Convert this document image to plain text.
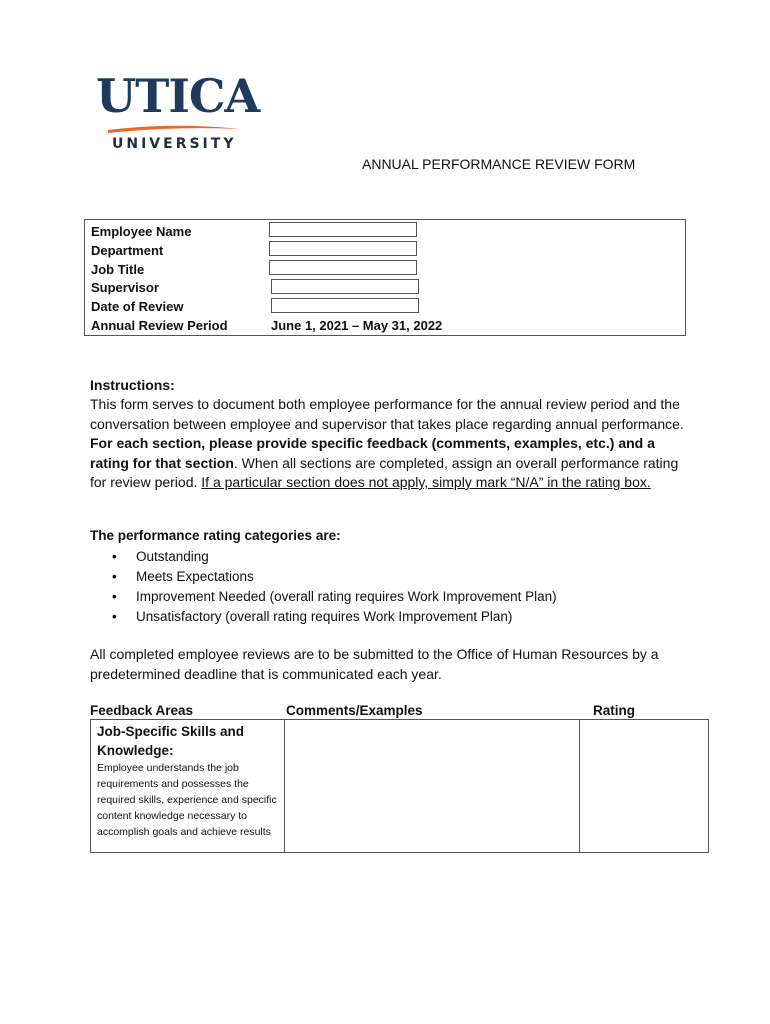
UTICA
UNIVERSITY
ANNUAL PERFORMANCE REVIEW FORM
Employee Name
Department
Job Title
Supervisor
Date of Review
Annual Review Period	June 1, 2021 – May 31, 2022
Instructions:
This form serves to document both employee performance for the annual review period and the conversation between employee and supervisor that takes place regarding annual performance. For each section, please provide specific feedback (comments, examples, etc.) and a rating for that section. When all sections are completed, assign an overall performance rating for review period. If a particular section does not apply, simply mark “N/A” in the rating box.
The performance rating categories are:
• Outstanding
• Meets Expectations
• Improvement Needed (overall rating requires Work Improvement Plan)
• Unsatisfactory (overall rating requires Work Improvement Plan)
All completed employee reviews are to be submitted to the Office of Human Resources by a predetermined deadline that is communicated each year.
Feedback Areas	Comments/Examples	Rating
Job-Specific Skills and Knowledge:
Employee understands the job requirements and possesses the required skills, experience and specific content knowledge necessary to accomplish goals and achieve results
